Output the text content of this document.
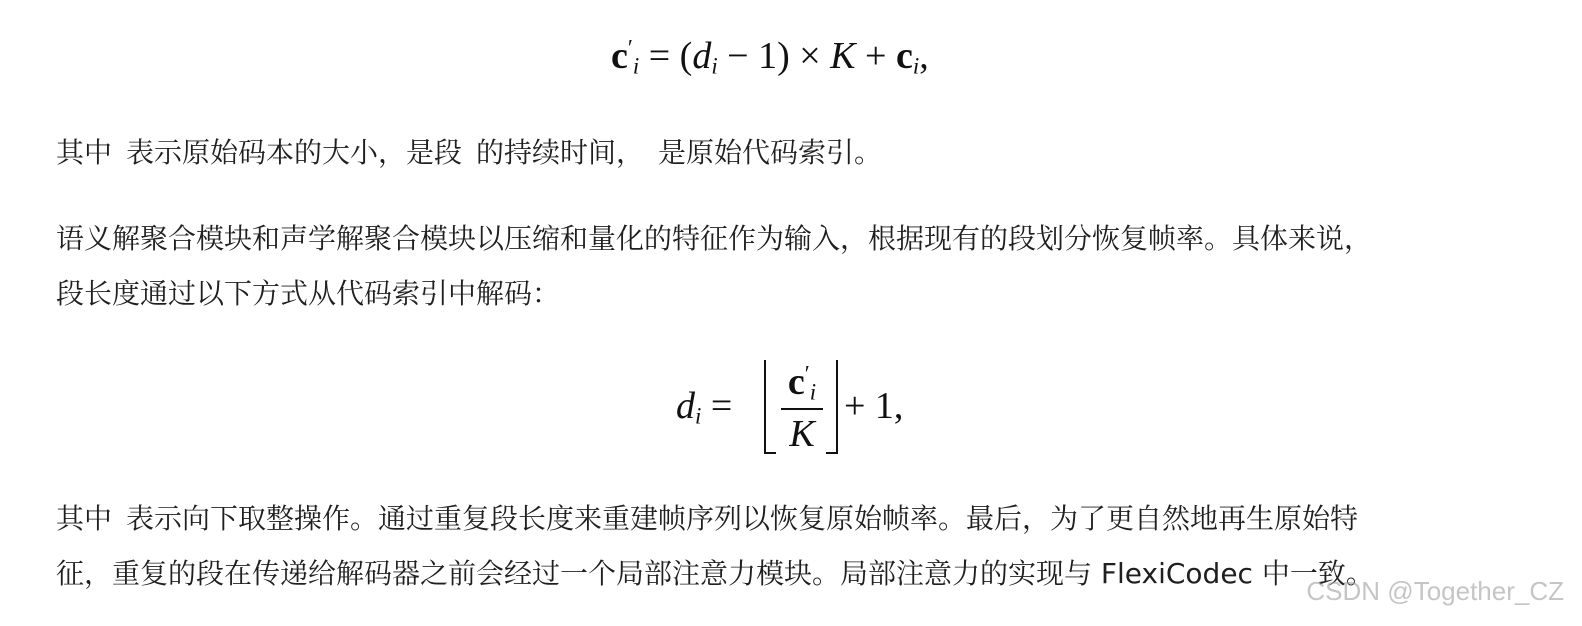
$c'_i = (d_i - 1) \times K + c_i$,

其中 表示原始码本的大小，是段 的持续时间， 是原始代码索引。

语义解聚合模块和声学解聚合模块以压缩和量化的特征作为输入，根据现有的段划分恢复帧率。具体来说，
段长度通过以下方式从代码索引中解码：
$d_i$ =
$c'_i$
K
+ 1,
其中 表示向下取整操作。通过重复段长度来重建帧序列以恢复原始帧率。最后，为了更自然地再生原始特
征，重复的段在传递给解码器之前会经过一个局部注意力模块。局部注意力的实现与 FlexiCodec 中一致。
CSDN @Together_CZ
